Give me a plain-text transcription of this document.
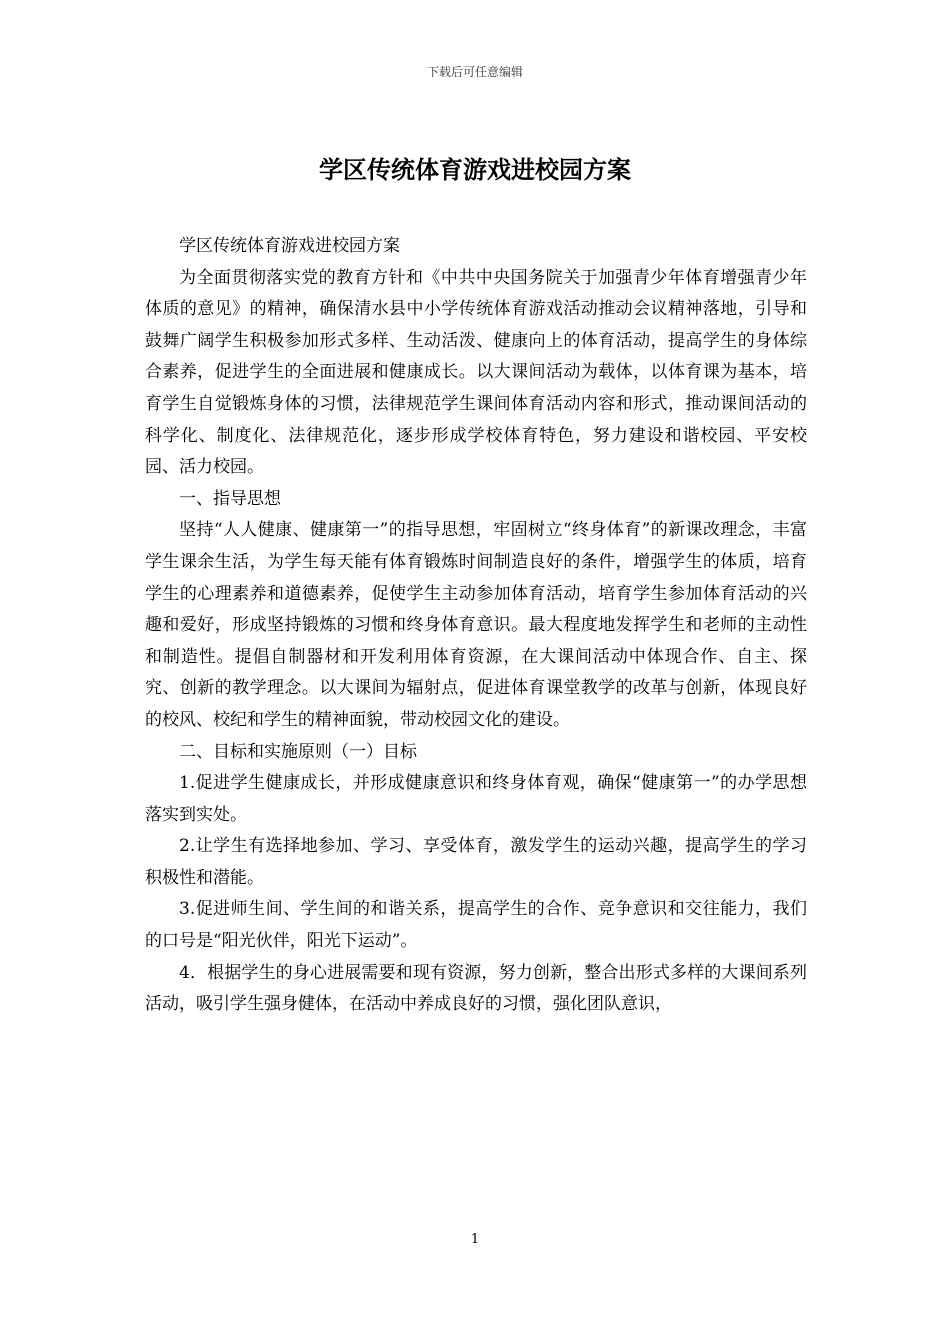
下载后可任意编辑
学区传统体育游戏进校园方案

学区传统体育游戏进校园方案

为全面贯彻落实党的教育方针和《中共中央国务院关于加强青少年体育增强青少年体质的意见》的精神，确保清水县中小学传统体育游戏活动推动会议精神落地，引导和鼓舞广阔学生积极参加形式多样、生动活泼、健康向上的体育活动，提高学生的身体综合素养，促进学生的全面进展和健康成长。以大课间活动为载体，以体育课为基本，培育学生自觉锻炼身体的习惯，法律规范学生课间体育活动内容和形式，推动课间活动的科学化、制度化、法律规范化，逐步形成学校体育特色，努力建设和谐校园、平安校园、活力校园。

一、指导思想

坚持“人人健康、健康第一”的指导思想，牢固树立“终身体育”的新课改理念，丰富学生课余生活，为学生每天能有体育锻炼时间制造良好的条件，增强学生的体质，培育学生的心理素养和道德素养，促使学生主动参加体育活动，培育学生参加体育活动的兴趣和爱好，形成坚持锻炼的习惯和终身体育意识。最大程度地发挥学生和老师的主动性和制造性。提倡自制器材和开发利用体育资源，在大课间活动中体现合作、自主、探究、创新的教学理念。以大课间为辐射点，促进体育课堂教学的改革与创新，体现良好的校风、校纪和学生的精神面貌，带动校园文化的建设。

二、目标和实施原则（一）目标

1.促进学生健康成长，并形成健康意识和终身体育观，确保“健康第一”的办学思想落实到实处。

2.让学生有选择地参加、学习、享受体育，激发学生的运动兴趣，提高学生的学习积极性和潜能。

3.促进师生间、学生间的和谐关系，提高学生的合作、竞争意识和交往能力，我们的口号是“阳光伙伴，阳光下运动”。

4．根据学生的身心进展需要和现有资源，努力创新，整合出形式多样的大课间系列活动，吸引学生强身健体，在活动中养成良好的习惯，强化团队意识，

1
